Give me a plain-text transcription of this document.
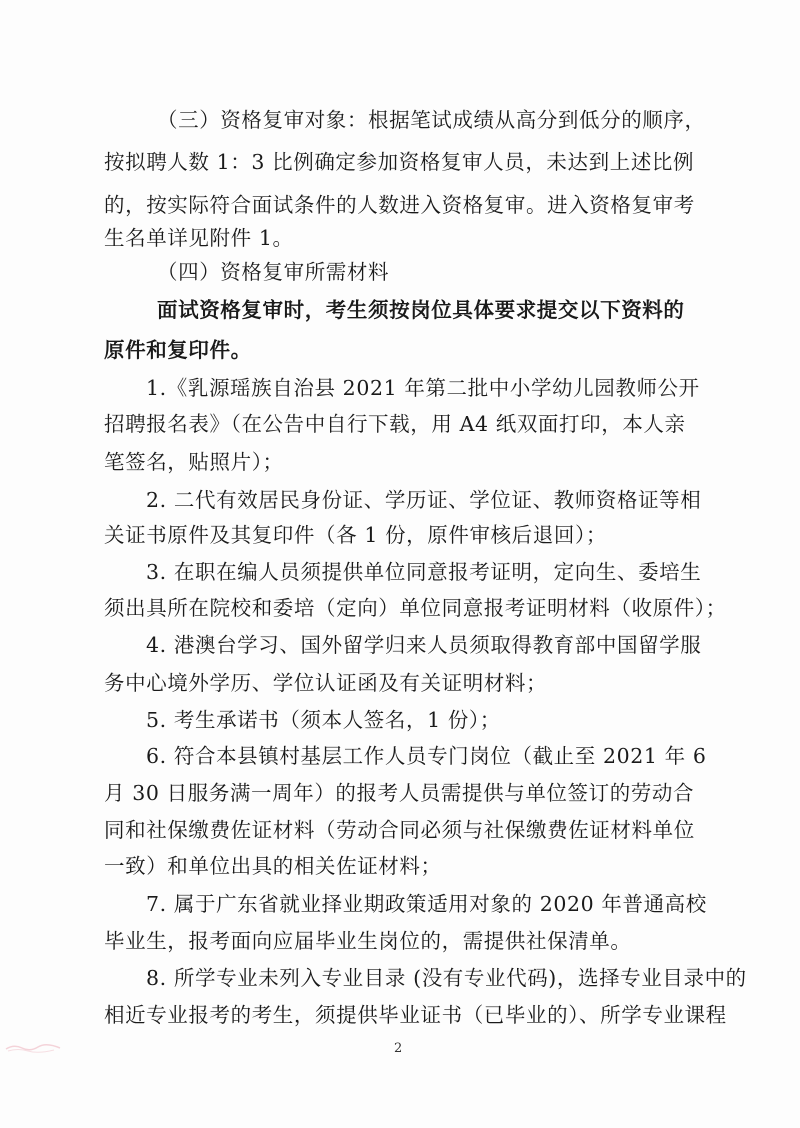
（三）资格复审对象：根据笔试成绩从高分到低分的顺序，
按拟聘人数 1：3 比例确定参加资格复审人员，未达到上述比例
的，按实际符合面试条件的人数进入资格复审。进入资格复审考
生名单详见附件 1。
（四）资格复审所需材料
面试资格复审时，考生须按岗位具体要求提交以下资料的
原件和复印件。
1.《乳源瑶族自治县 2021 年第二批中小学幼儿园教师公开
招聘报名表》（在公告中自行下载，用 A4 纸双面打印，本人亲
笔签名，贴照片）；
2. 二代有效居民身份证、学历证、学位证、教师资格证等相
关证书原件及其复印件（各 1 份，原件审核后退回）；
3. 在职在编人员须提供单位同意报考证明，定向生、委培生
须出具所在院校和委培（定向）单位同意报考证明材料（收原件）；
4. 港澳台学习、国外留学归来人员须取得教育部中国留学服
务中心境外学历、学位认证函及有关证明材料；
5. 考生承诺书（须本人签名，1 份）；
6. 符合本县镇村基层工作人员专门岗位（截止至 2021 年 6
月 30 日服务满一周年）的报考人员需提供与单位签订的劳动合
同和社保缴费佐证材料（劳动合同必须与社保缴费佐证材料单位
一致）和单位出具的相关佐证材料；
7. 属于广东省就业择业期政策适用对象的 2020 年普通高校
毕业生，报考面向应届毕业生岗位的，需提供社保清单。
8. 所学专业未列入专业目录 (没有专业代码)，选择专业目录中的
相近专业报考的考生，须提供毕业证书（已毕业的）、所学专业课程
2
